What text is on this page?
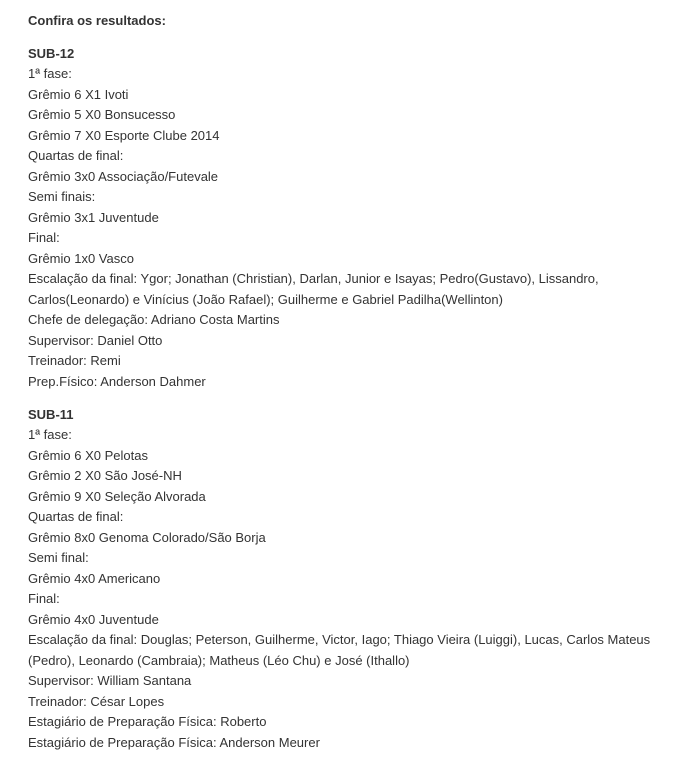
Confira os resultados:

SUB-12

1ª fase:
Grêmio 6 X1 Ivoti
Grêmio 5 X0 Bonsucesso
Grêmio 7 X0 Esporte Clube 2014
Quartas de final:
Grêmio 3x0 Associação/Futevale
Semi finais:
Grêmio 3x1 Juventude
Final:
Grêmio 1x0 Vasco
Escalação da final: Ygor; Jonathan (Christian), Darlan, Junior e Isayas; Pedro(Gustavo), Lissandro, Carlos(Leonardo) e Vinícius (João Rafael); Guilherme e Gabriel Padilha(Wellinton)
Chefe de delegação: Adriano Costa Martins
Supervisor: Daniel Otto
Treinador: Remi
Prep.Físico: Anderson Dahmer

SUB-11

1ª fase:
Grêmio 6 X0 Pelotas
Grêmio 2 X0 São José-NH
Grêmio 9 X0 Seleção Alvorada
Quartas de final:
Grêmio 8x0 Genoma Colorado/São Borja
Semi final:
Grêmio 4x0 Americano
Final:
Grêmio 4x0 Juventude
Escalação da final: Douglas; Peterson, Guilherme, Victor, Iago; Thiago Vieira (Luiggi), Lucas, Carlos Mateus (Pedro), Leonardo (Cambraia); Matheus (Léo Chu) e José (Ithallo)
Supervisor: William Santana
Treinador: César Lopes
Estagiário de Preparação Física: Roberto
Estagiário de Preparação Física: Anderson Meurer
